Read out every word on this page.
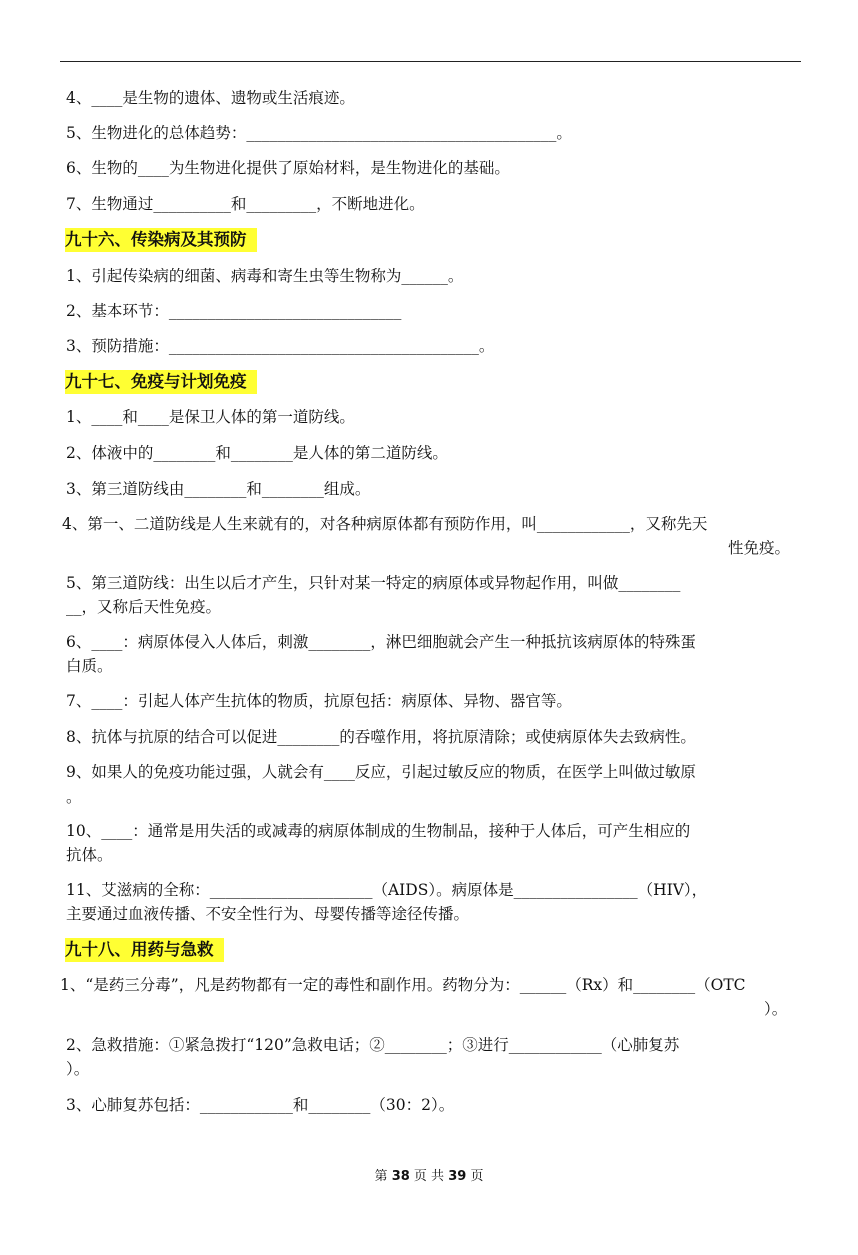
4、____是生物的遗体、遗物或生活痕迹。
5、生物进化的总体趋势：________________________________________。
6、生物的____为生物进化提供了原始材料，是生物进化的基础。
7、生物通过__________和_________，不断地进化。
九十六、传染病及其预防
1、引起传染病的细菌、病毒和寄生虫等生物称为______。
2、基本环节：______________________________
3、预防措施：________________________________________。
九十七、免疫与计划免疫
1、____和____是保卫人体的第一道防线。
2、体液中的________和________是人体的第二道防线。
3、第三道防线由________和________组成。
4、第一、二道防线是人生来就有的，对各种病原体都有预防作用，叫____________，又称先天
性免疫。
5、第三道防线：出生以后才产生，只针对某一特定的病原体或异物起作用，叫做________
__，又称后天性免疫。
6、____：病原体侵入人体后，刺激________，淋巴细胞就会产生一种抵抗该病原体的特殊蛋
白质。
7、____：引起人体产生抗体的物质，抗原包括：病原体、异物、器官等。
8、抗体与抗原的结合可以促进________的吞噬作用，将抗原清除；或使病原体失去致病性。
9、如果人的免疫功能过强，人就会有____反应，引起过敏反应的物质，在医学上叫做过敏原
。
10、____：通常是用失活的或减毒的病原体制成的生物制品，接种于人体后，可产生相应的
抗体。
11、艾滋病的全称：_____________________（AIDS）。病原体是________________（HIV），
主要通过血液传播、不安全性行为、母婴传播等途径传播。
九十八、用药与急救
1、“是药三分毒”，凡是药物都有一定的毒性和副作用。药物分为：______（Rx）和________（OTC
）。
2、急救措施：①紧急拨打“120”急救电话；②________；③进行____________（心肺复苏
）。
3、心肺复苏包括：____________和________（30：2）。
第 38 页 共 39 页
